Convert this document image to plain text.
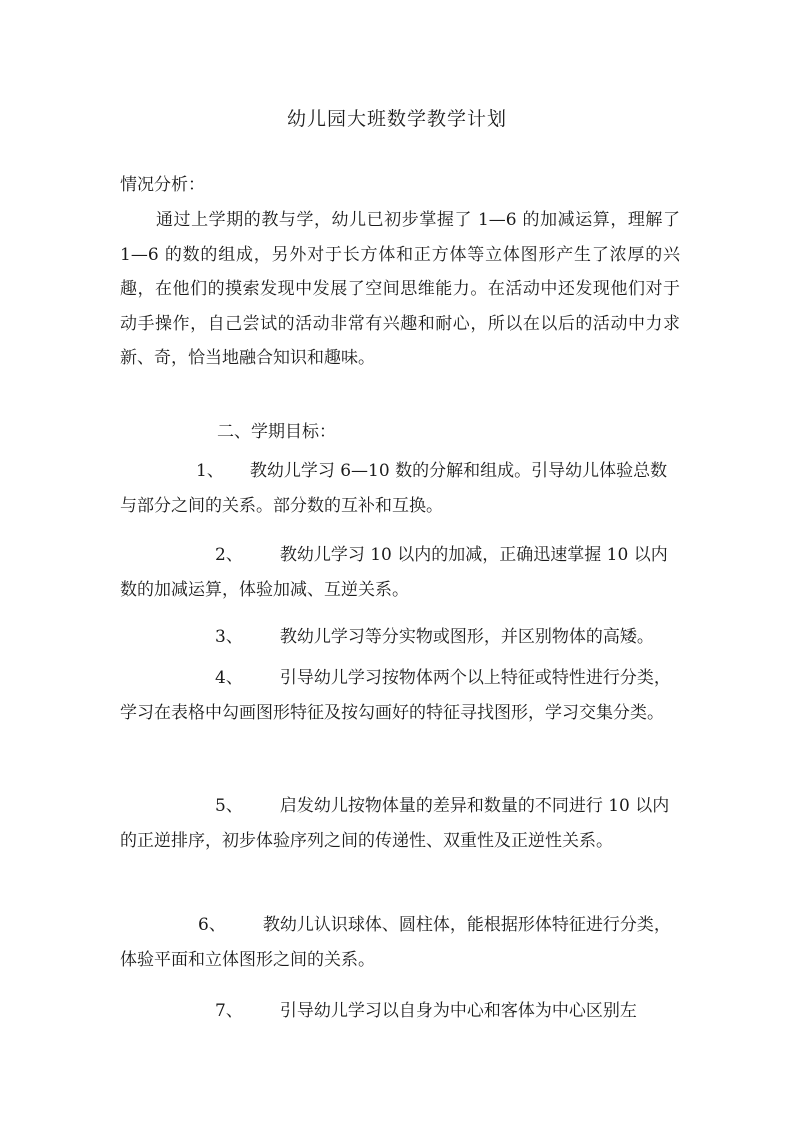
幼儿园大班数学教学计划
情况分析：
通过上学期的教与学，幼儿已初步掌握了 1—6 的加减运算，理解了 1—6 的数的组成，另外对于长方体和正方体等立体图形产生了浓厚的兴趣，在他们的摸索发现中发展了空间思维能力。在活动中还发现他们对于动手操作，自己尝试的活动非常有兴趣和耐心，所以在以后的活动中力求新、奇，恰当地融合知识和趣味。
二、学期目标：
1、 教幼儿学习 6—10 数的分解和组成。引导幼儿体验总数与部分之间的关系。部分数的互补和互换。
2、 教幼儿学习 10 以内的加减，正确迅速掌握 10 以内数的加减运算，体验加减、互逆关系。
3、 教幼儿学习等分实物或图形，并区别物体的高矮。
4、 引导幼儿学习按物体两个以上特征或特性进行分类，学习在表格中勾画图形特征及按勾画好的特征寻找图形，学习交集分类。
5、 启发幼儿按物体量的差异和数量的不同进行 10 以内的正逆排序，初步体验序列之间的传递性、双重性及正逆性关系。
6、 教幼儿认识球体、圆柱体，能根据形体特征进行分类，体验平面和立体图形之间的关系。
7、 引导幼儿学习以自身为中心和客体为中心区别左
